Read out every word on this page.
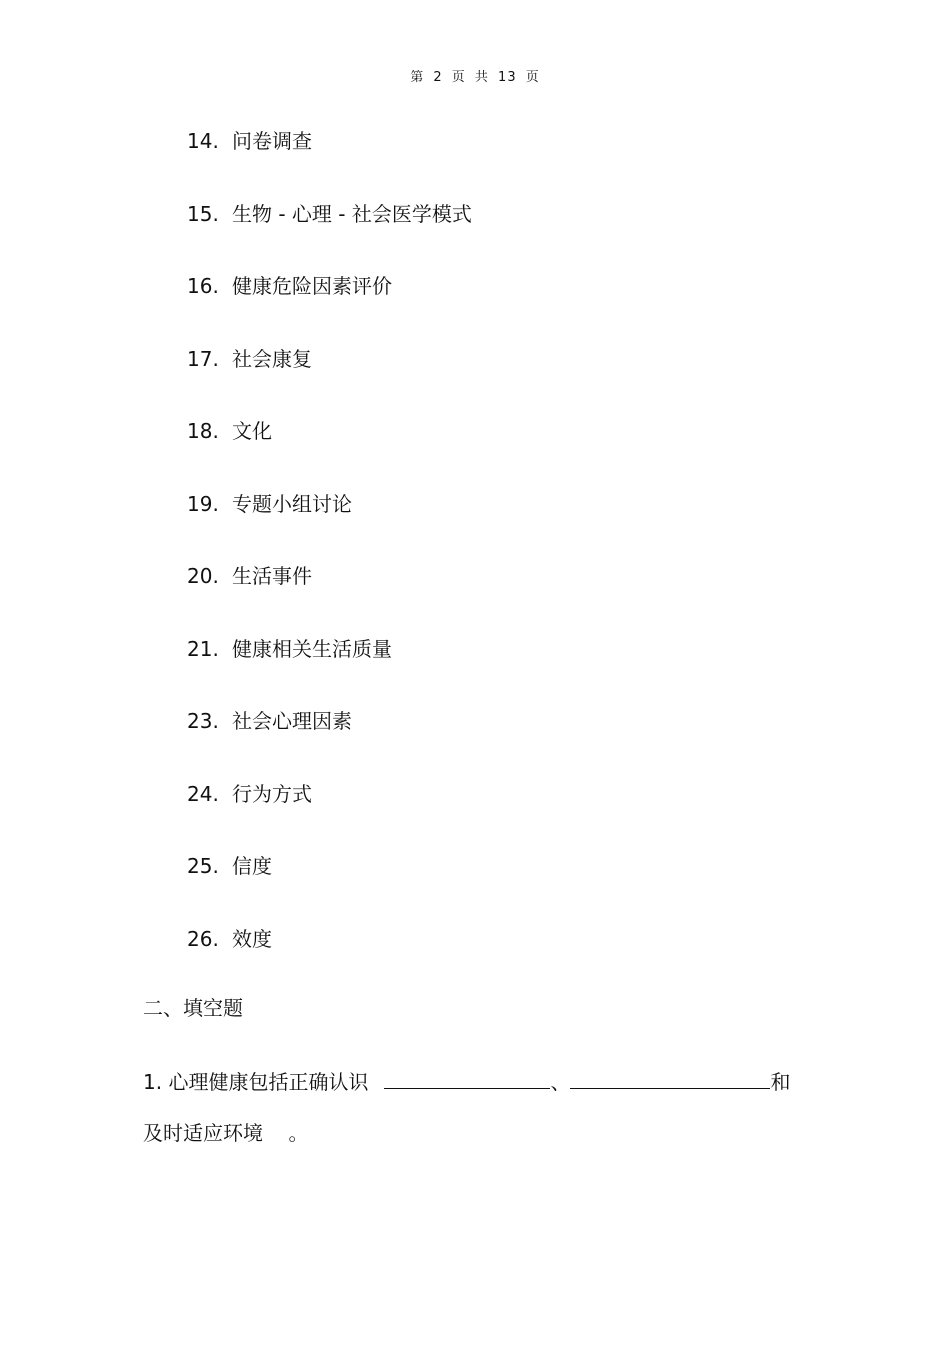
第 2 页 共 13 页
14. 问卷调查
15. 生物 - 心理 - 社会医学模式
16. 健康危险因素评价
17. 社会康复
18. 文化
19. 专题小组讨论
20. 生活事件
21. 健康相关生活质量
23. 社会心理因素
24. 行为方式
25. 信度
26. 效度
二、填空题
1. 心理健康包括正确认识	、	和
及时适应环境 。
